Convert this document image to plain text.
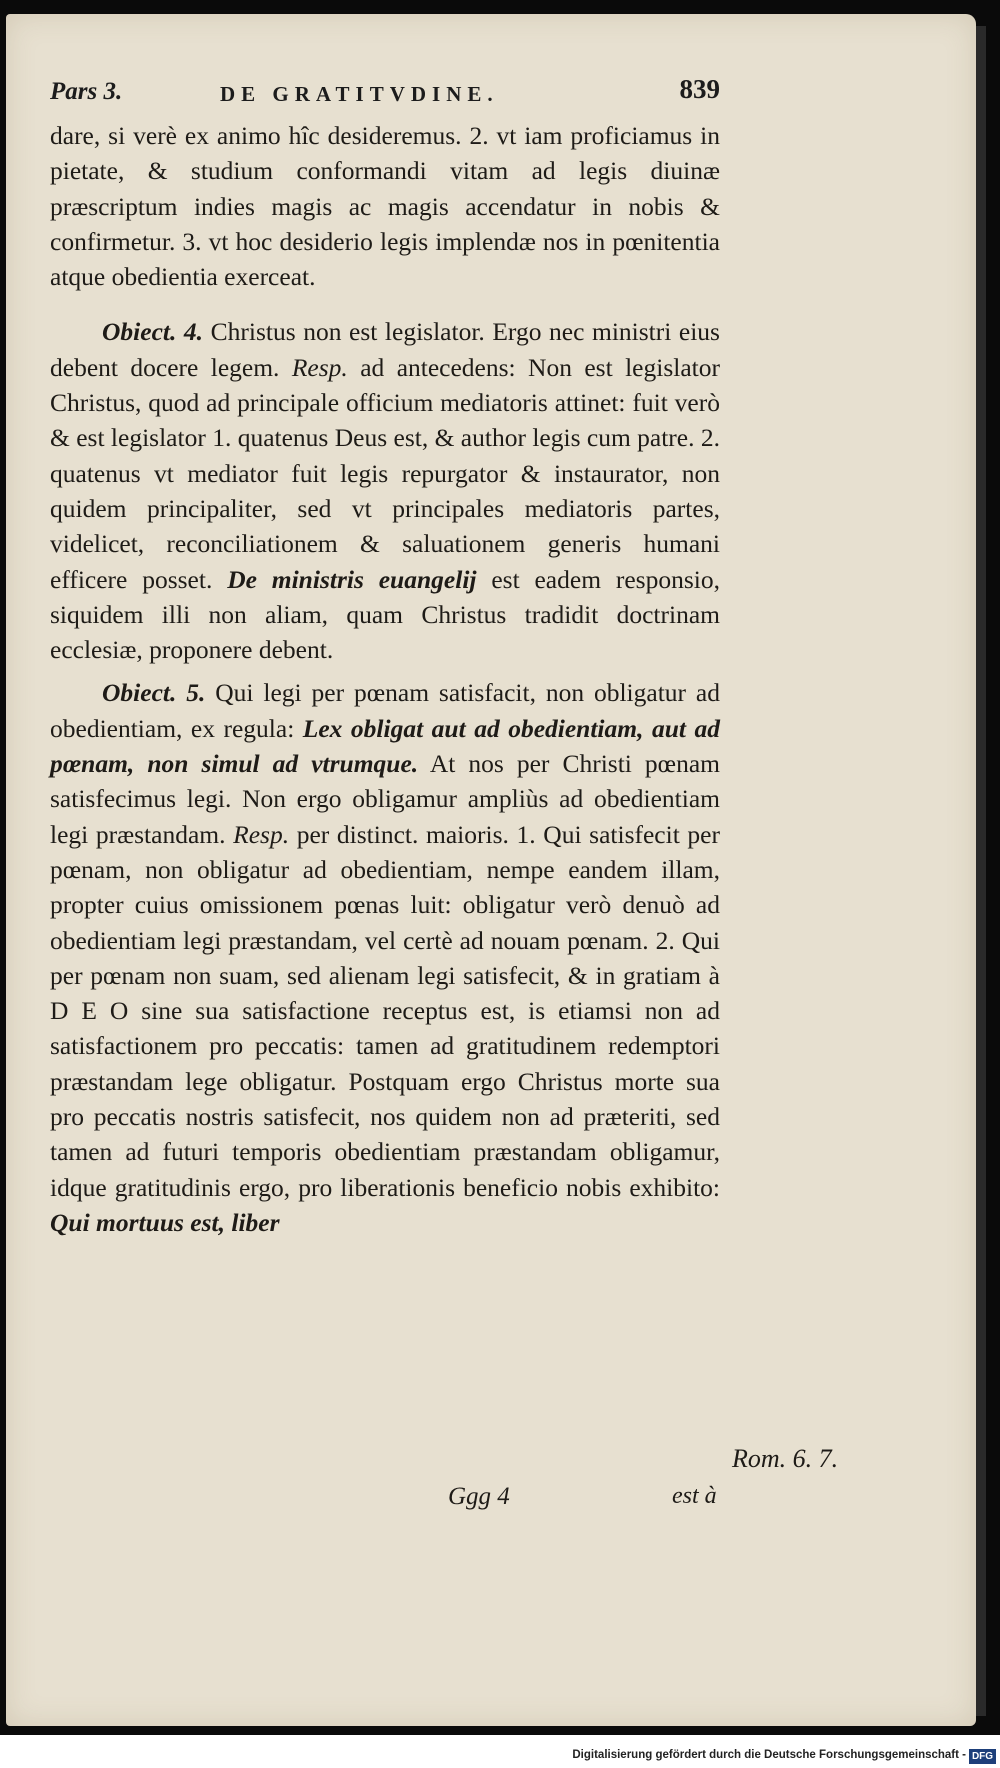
Pars 3.	DE GRATITVDINE.	839

dare, si verè ex animo hîc desideremus. 2. vt iam proficiamus in pietate, & studium conformandi vitam ad legis diuinæ præscriptum indies magis ac magis accendatur in nobis & confirmetur. 3. vt hoc desiderio legis implendæ nos in pœnitentia atque obedientia exerceat.

Obiect. 4. Christus non est legislator. Ergo nec ministri eius debent docere legem. Resp. ad antecedens: Non est legislator Christus, quod ad principale officium mediatoris attinet: fuit verò & est legislator 1. quatenus Deus est, & author legis cum patre. 2. quatenus vt mediator fuit legis repurgator & instaurator, non quidem principaliter, sed vt principales mediatoris partes, videlicet, reconciliationem & saluationem generis humani efficere posset. De ministris euangelij est eadem responsio, siquidem illi non aliam, quam Christus tradidit doctrinam ecclesiæ, proponere debent.

Obiect. 5. Qui legi per pœnam satisfacit, non obligatur ad obedientiam, ex regula: Lex obligat aut ad obedientiam, aut ad pœnam, non simul ad vtrumque. At nos per Christi pœnam satisfecimus legi. Non ergo obligamur ampliùs ad obedientiam legi præstandam. Resp. per distinct. maioris. 1. Qui satisfecit per pœnam, non obligatur ad obedientiam, nempe eandem illam, propter cuius omissionem pœnas luit: obligatur verò denuò ad obedientiam legi præstandam, vel certè ad nouam pœnam. 2. Qui per pœnam non suam, sed alienam legi satisfecit, & in gratiam à D E O sine sua satisfactione receptus est, is etiamsi non ad satisfactionem pro peccatis: tamen ad gratitudinem redemptori præstandam lege obligatur. Postquam ergo Christus morte sua pro peccatis nostris satisfecit, nos quidem non ad præteriti, sed tamen ad futuri temporis obedientiam præstandam obligamur, idque gratitudinis ergo, pro liberationis beneficio nobis exhibito: Qui mortuus est, liber

Rom. 6. 7.
Ggg 4	est à
Digitalisierung gefördert durch die Deutsche Forschungsgemeinschaft - DFG
